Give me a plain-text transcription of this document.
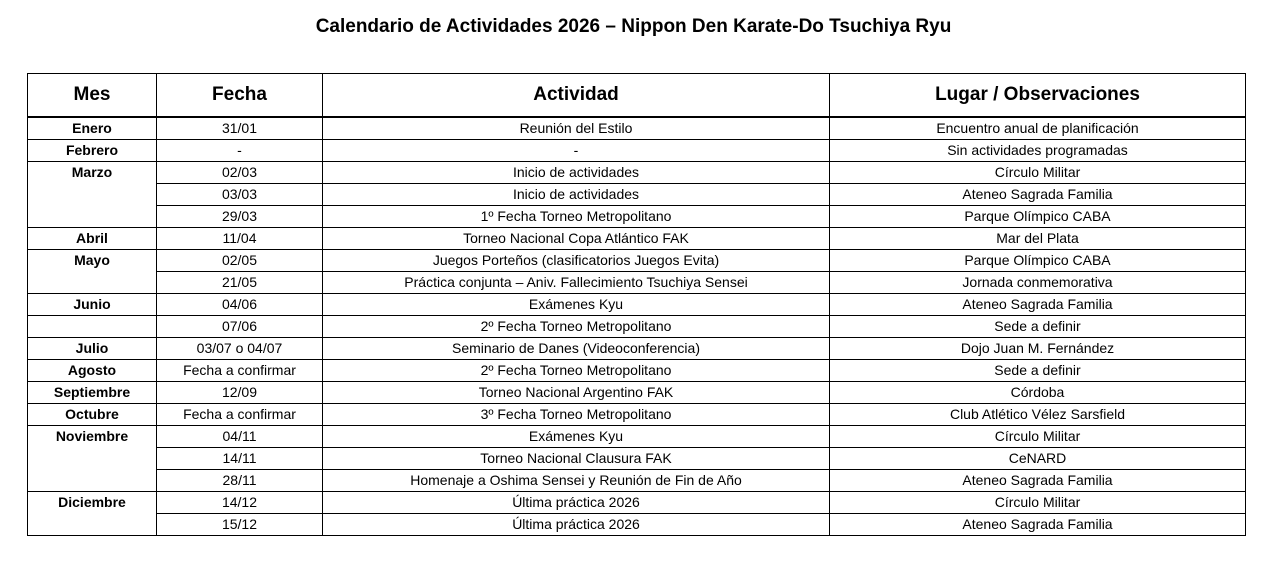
Calendario de Actividades 2026 – Nippon Den Karate-Do Tsuchiya Ryu
Mes	Fecha	Actividad	Lugar / Observaciones
Enero	31/01	Reunión del Estilo	Encuentro anual de planificación
Febrero	-	-	Sin actividades programadas
Marzo	02/03	Inicio de actividades	Círculo Militar
	03/03	Inicio de actividades	Ateneo Sagrada Familia
	29/03	1º Fecha Torneo Metropolitano	Parque Olímpico CABA
Abril	11/04	Torneo Nacional Copa Atlántico FAK	Mar del Plata
Mayo	02/05	Juegos Porteños (clasificatorios Juegos Evita)	Parque Olímpico CABA
	21/05	Práctica conjunta – Aniv. Fallecimiento Tsuchiya Sensei	Jornada conmemorativa
Junio	04/06	Exámenes Kyu	Ateneo Sagrada Familia
	07/06	2º Fecha Torneo Metropolitano	Sede a definir
Julio	03/07 o 04/07	Seminario de Danes (Videoconferencia)	Dojo Juan M. Fernández
Agosto	Fecha a confirmar	2º Fecha Torneo Metropolitano	Sede a definir
Septiembre	12/09	Torneo Nacional Argentino FAK	Córdoba
Octubre	Fecha a confirmar	3º Fecha Torneo Metropolitano	Club Atlético Vélez Sarsfield
Noviembre	04/11	Exámenes Kyu	Círculo Militar
	14/11	Torneo Nacional Clausura FAK	CeNARD
	28/11	Homenaje a Oshima Sensei y Reunión de Fin de Año	Ateneo Sagrada Familia
Diciembre	14/12	Última práctica 2026	Círculo Militar
	15/12	Última práctica 2026	Ateneo Sagrada Familia
